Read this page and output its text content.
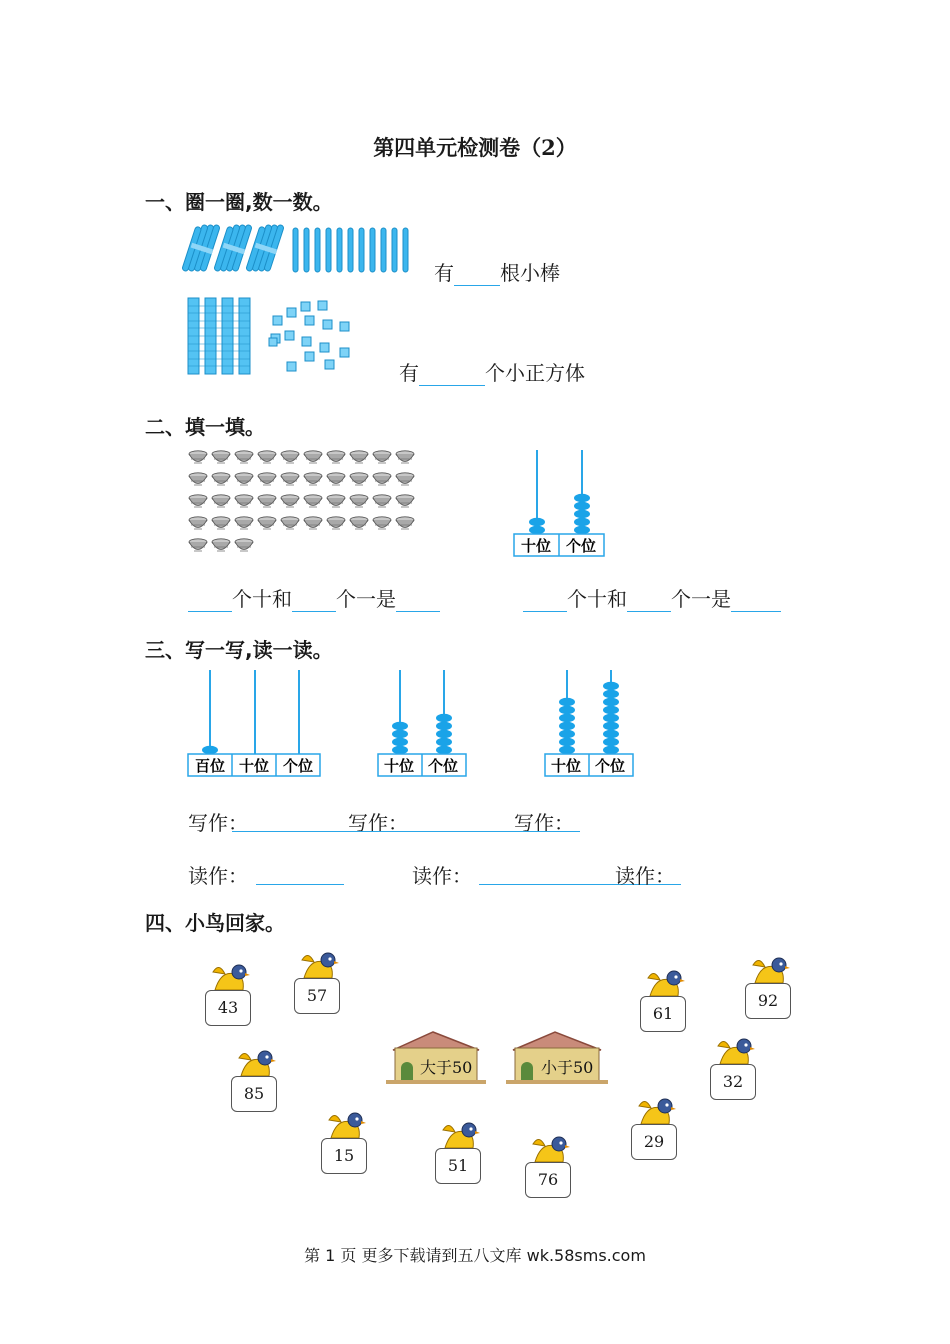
第四单元检测卷（2）
一、圈一圈,数一数。
有 根小棒
有	个小正方体
二、填一填。
十位 个位
个十和 个一是	个十和 个一是
三、写一写,读一读。
百位 十位 个位	十位 个位	十位 个位
写作：	写作：	写作：
读作：	读作：	读作：
四、小鸟回家。
大于50	小于50
43
57
61
92
85
32
15
51
76
29
第 1 页 更多下载请到五八文库 wk.58sms.com
